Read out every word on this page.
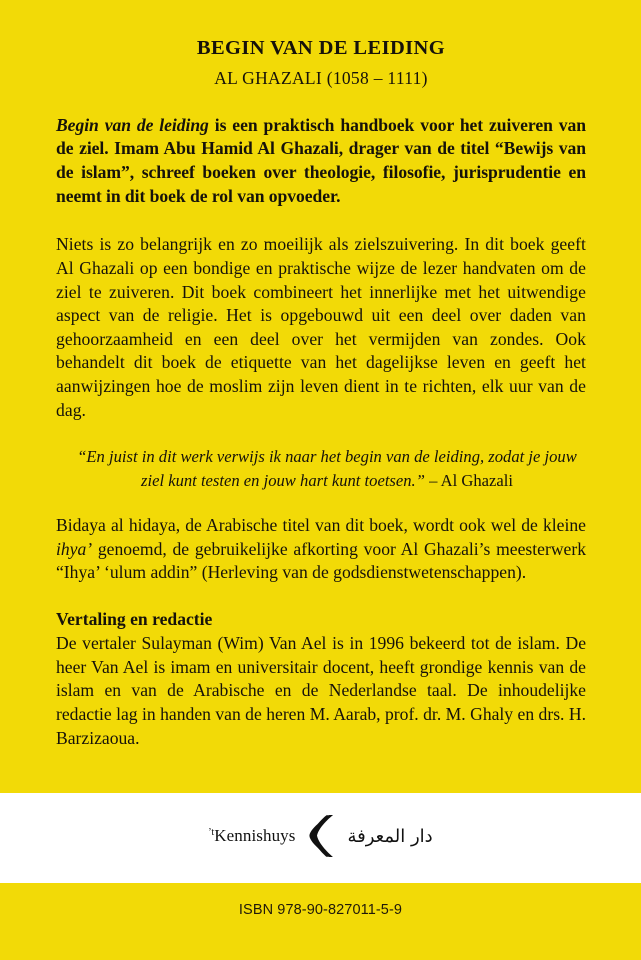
BEGIN VAN DE LEIDING
AL GHAZALI (1058 – 1111)

Begin van de leiding is een praktisch handboek voor het zuiveren van de ziel. Imam Abu Hamid Al Ghazali, drager van de titel “Bewijs van de islam”, schreef boeken over theologie, filosofie, jurisprudentie en neemt in dit boek de rol van opvoeder.

Niets is zo belangrijk en zo moeilijk als zielszuivering. In dit boek geeft Al Ghazali op een bondige en praktische wijze de lezer handvaten om de ziel te zuiveren. Dit boek combineert het innerlijke met het uitwendige aspect van de religie. Het is opgebouwd uit een deel over daden van gehoorzaamheid en een deel over het vermijden van zondes. Ook behandelt dit boek de etiquette van het dagelijkse leven en geeft het aanwijzingen hoe de moslim zijn leven dient in te richten, elk uur van de dag.

“En juist in dit werk verwijs ik naar het begin van de leiding, zodat je jouw ziel kunt testen en jouw hart kunt toetsen.” – Al Ghazali

Bidaya al hidaya, de Arabische titel van dit boek, wordt ook wel de kleine ihya’ genoemd, de gebruikelijke afkorting voor Al Ghazali’s meesterwerk “Ihya’ ‘ulum addin” (Herleving van de godsdienstwetenschappen).

Vertaling en redactie

De vertaler Sulayman (Wim) Van Ael is in 1996 bekeerd tot de islam. De heer Van Ael is imam en universitair docent, heeft grondige kennis van de islam en van de Arabische en de Nederlandse taal. De inhoudelijke redactie lag in handen van de heren M. Aarab, prof. dr. M. Ghaly en drs. H. Barzizaoua.

$^{’t}$Kennishuys	دار المعرفة
ISBN 978-90-827011-5-9
